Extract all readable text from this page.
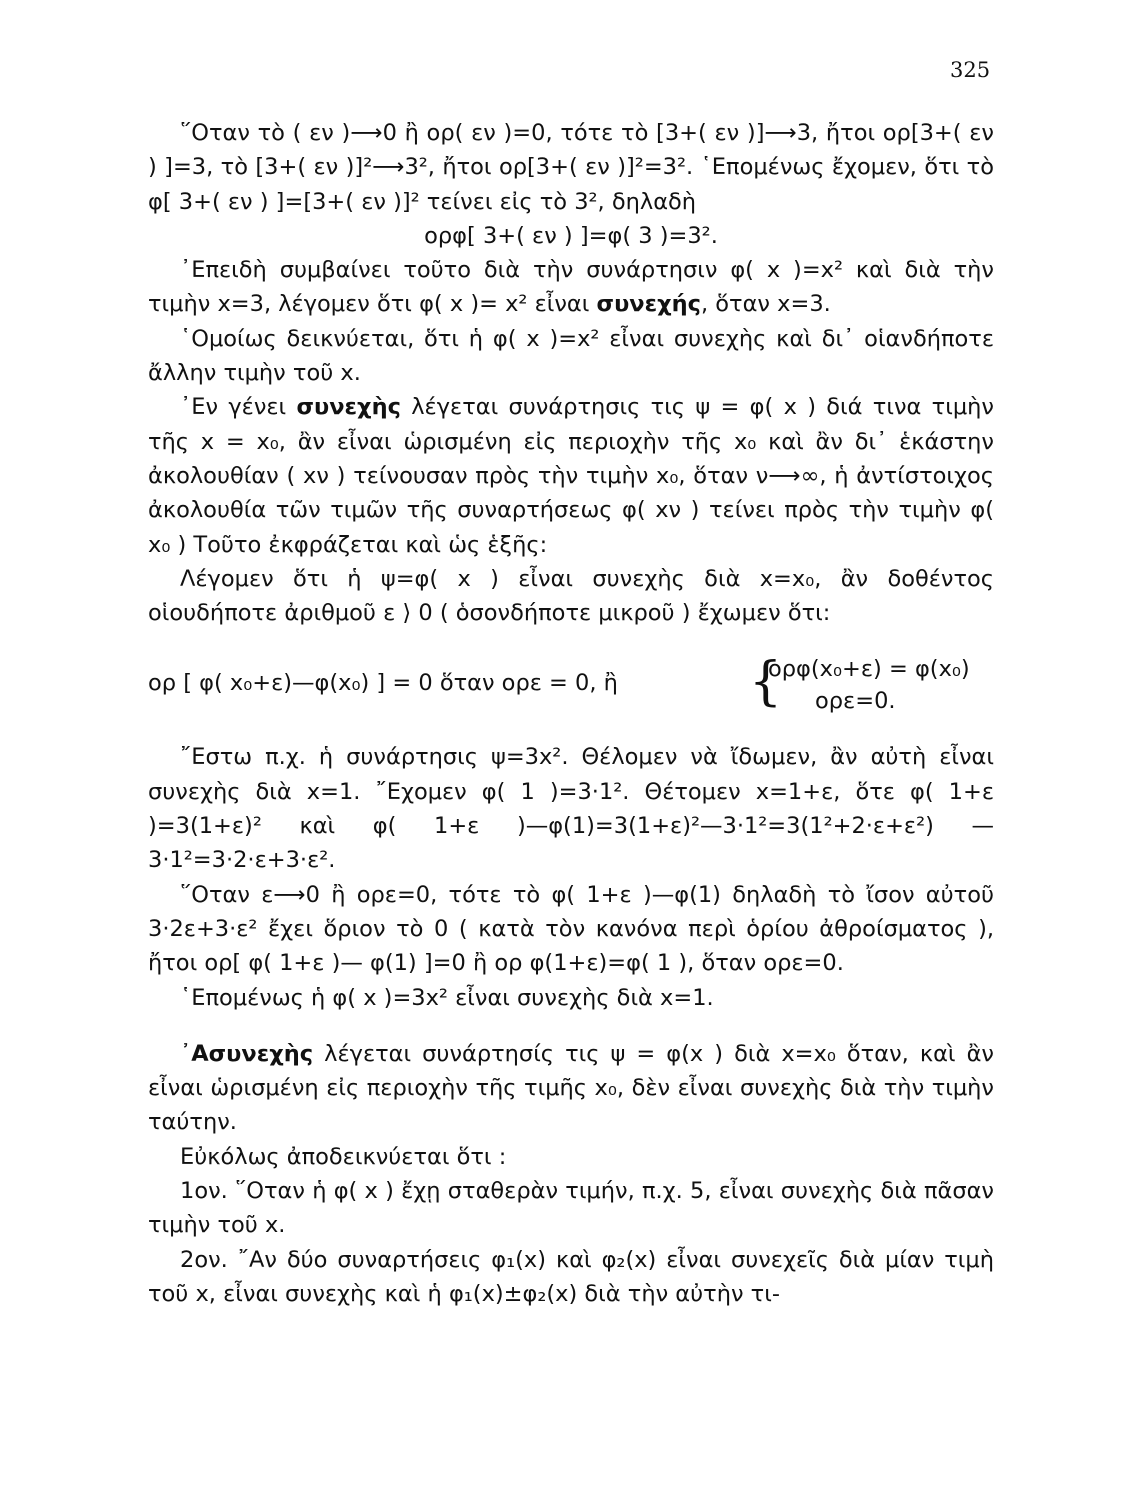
325

῞Οταν τὸ ( εν )⟶0 ἢ ορ( εν )=0, τότε τὸ [3+( εν )]⟶3, ἤτοι ορ[3+( εν ) ]=3, τὸ [3+( εν )]²⟶3², ἤτοι ορ[3+( εν )]²=3². ῾Επομένως ἔχομεν, ὅτι τὸ φ[ 3+( εν ) ]=[3+( εν )]² τείνει εἰς τὸ 3², δηλαδὴ

ορφ[ 3+( εν ) ]=φ( 3 )=3².

᾿Επειδὴ συμβαίνει τοῦτο διὰ τὴν συνάρτησιν φ( x )=x² καὶ διὰ τὴν τιμὴν x=3, λέγομεν ὅτι φ( x )= x² εἶναι συνεχής, ὅταν x=3.

῾Ομοίως δεικνύεται, ὅτι ἡ φ( x )=x² εἶναι συνεχὴς καὶ δι᾿ οἱανδήποτε ἄλλην τιμὴν τοῦ x.

᾿Εν γένει συνεχὴς λέγεται συνάρτησις τις ψ = φ( x ) διά τινα τιμὴν τῆς x = x₀, ἂν εἶναι ὡρισμένη εἰς περιοχὴν τῆς x₀ καὶ ἂν δι᾿ ἑκάστην ἀκολουθίαν ( xν ) τείνουσαν πρὸς τὴν τιμὴν x₀, ὅταν ν⟶∞, ἡ ἀντίστοιχος ἀκολουθία τῶν τιμῶν τῆς συναρτήσεως φ( xν ) τείνει πρὸς τὴν τιμὴν φ( x₀ ) Τοῦτο ἐκφράζεται καὶ ὡς ἑξῆς:

Λέγομεν ὅτι ἡ ψ=φ( x ) εἶναι συνεχὴς διὰ x=x₀, ἂν δοθέντος οἱουδήποτε ἀριθμοῦ ε ⟩ 0 ( ὁσονδήποτε μικροῦ ) ἔχωμεν ὅτι:

ορ [ φ( x₀+ε)—φ(x₀) ] = 0 ὅταν ορε = 0, ἢ	{
ορφ(x₀+ε) = φ(x₀)
ορε=0.

῎Εστω π.χ. ἡ συνάρτησις ψ=3x². Θέλομεν νὰ ἴδωμεν, ἂν αὐτὴ εἶναι συνεχὴς διὰ x=1. ῎Εχομεν φ( 1 )=3·1². Θέτομεν x=1+ε, ὅτε φ( 1+ε )=3(1+ε)² καὶ φ( 1+ε )—φ(1)=3(1+ε)²—3·1²=3(1²+2·ε+ε²) —3·1²=3·2·ε+3·ε².

῞Οταν ε⟶0 ἢ ορε=0, τότε τὸ φ( 1+ε )—φ(1) δηλαδὴ τὸ ἴσον αὐτοῦ 3·2ε+3·ε² ἔχει ὅριον τὸ 0 ( κατὰ τὸν κανόνα περὶ ὁρίου ἀθροίσματος ), ἤτοι ορ[ φ( 1+ε )— φ(1) ]=0 ἢ ορ φ(1+ε)=φ( 1 ), ὅταν ορε=0.

῾Επομένως ἡ φ( x )=3x² εἶναι συνεχὴς διὰ x=1.

᾿Ασυνεχὴς λέγεται συνάρτησίς τις ψ = φ(x ) διὰ x=x₀ ὅταν, καὶ ἂν εἶναι ὡρισμένη εἰς περιοχὴν τῆς τιμῆς x₀, δὲν εἶναι συνεχὴς διὰ τὴν τιμὴν ταύτην.

Εὐκόλως ἀποδεικνύεται ὅτι :

1ον. ῞Οταν ἡ φ( x ) ἔχῃ σταθερὰν τιμήν, π.χ. 5, εἶναι συνεχὴς διὰ πᾶσαν τιμὴν τοῦ x.

2ον. ῎Αν δύο συναρτήσεις φ₁(x) καὶ φ₂(x) εἶναι συνεχεῖς διὰ μίαν τιμὴ τοῦ x, εἶναι συνεχὴς καὶ ἡ φ₁(x)±φ₂(x) διὰ τὴν αὐτὴν τι-
